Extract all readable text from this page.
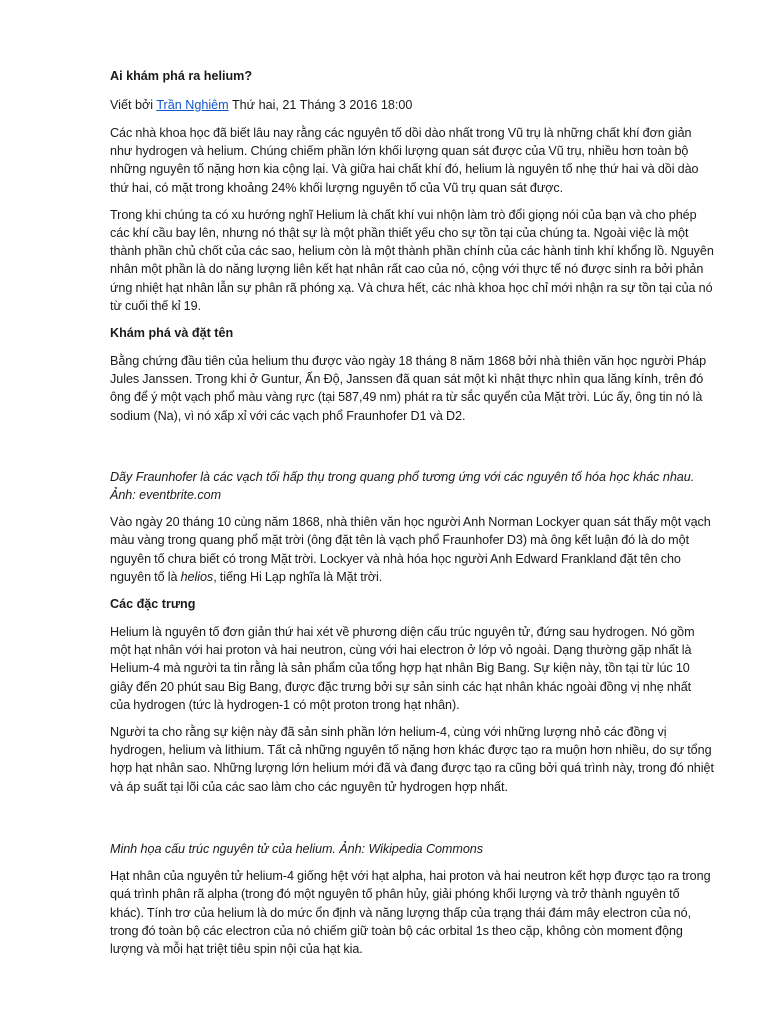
Ai khám phá ra helium?
Viết bởi Trần Nghiêm Thứ hai, 21 Tháng 3 2016 18:00

Các nhà khoa học đã biết lâu nay rằng các nguyên tố dồi dào nhất trong Vũ trụ là những chất khí đơn giản như hydrogen và helium. Chúng chiếm phần lớn khối lượng quan sát được của Vũ trụ, nhiều hơn toàn bộ những nguyên tố nặng hơn kia cộng lại. Và giữa hai chất khí đó, helium là nguyên tố nhẹ thứ hai và dồi dào thứ hai, có mặt trong khoảng 24% khối lượng nguyên tố của Vũ trụ quan sát được.

Trong khi chúng ta có xu hướng nghĩ Helium là chất khí vui nhộn làm trò đổi giọng nói của bạn và cho phép các khí cầu bay lên, nhưng nó thật sự là một phần thiết yếu cho sự tồn tại của chúng ta. Ngoài việc là một thành phần chủ chốt của các sao, helium còn là một thành phần chính của các hành tinh khí khổng lồ. Nguyên nhân một phần là do năng lượng liên kết hạt nhân rất cao của nó, cộng với thực tế nó được sinh ra bởi phản ứng nhiệt hạt nhân lẫn sự phân rã phóng xạ. Và chưa hết, các nhà khoa học chỉ mới nhận ra sự tồn tại của nó từ cuối thế kỉ 19.

Khám phá và đặt tên

Bằng chứng đầu tiên của helium thu được vào ngày 18 tháng 8 năm 1868 bởi nhà thiên văn học người Pháp Jules Janssen. Trong khi ở Guntur, Ấn Độ, Janssen đã quan sát một kì nhật thực nhìn qua lăng kính, trên đó ông để ý một vạch phổ màu vàng rực (tại 587,49 nm) phát ra từ sắc quyển của Mặt trời. Lúc ấy, ông tin nó là sodium (Na), vì nó xấp xỉ với các vạch phổ Fraunhofer D1 và D2.

Dãy Fraunhofer là các vạch tối hấp thụ trong quang phổ tương ứng với các nguyên tố hóa học khác nhau. Ảnh: eventbrite.com

Vào ngày 20 tháng 10 cùng năm 1868, nhà thiên văn học người Anh Norman Lockyer quan sát thấy một vạch màu vàng trong quang phổ mặt trời (ông đặt tên là vạch phổ Fraunhofer D3) mà ông kết luận đó là do một nguyên tố chưa biết có trong Mặt trời. Lockyer và nhà hóa học người Anh Edward Frankland đặt tên cho nguyên tố là helios, tiếng Hi Lạp nghĩa là Mặt trời.

Các đặc trưng

Helium là nguyên tố đơn giản thứ hai xét về phương diện cấu trúc nguyên tử, đứng sau hydrogen. Nó gồm một hạt nhân với hai proton và hai neutron, cùng với hai electron ở lớp vỏ ngoài. Dạng thường gặp nhất là Helium-4 mà người ta tin rằng là sản phẩm của tổng hợp hạt nhân Big Bang. Sự kiện này, tồn tại từ lúc 10 giây đến 20 phút sau Big Bang, được đặc trưng bởi sự sản sinh các hạt nhân khác ngoài đồng vị nhẹ nhất của hydrogen (tức là hydrogen-1 có một proton trong hạt nhân).

Người ta cho rằng sự kiện này đã sản sinh phần lớn helium-4, cùng với những lượng nhỏ các đồng vị hydrogen, helium và lithium. Tất cả những nguyên tố nặng hơn khác được tạo ra muộn hơn nhiều, do sự tổng hợp hạt nhân sao. Những lượng lớn helium mới đã và đang được tạo ra cũng bởi quá trình này, trong đó nhiệt và áp suất tại lõi của các sao làm cho các nguyên tử hydrogen hợp nhất.

Minh họa cấu trúc nguyên tử của helium. Ảnh: Wikipedia Commons

Hạt nhân của nguyên tử helium-4 giống hệt với hạt alpha, hai proton và hai neutron kết hợp được tạo ra trong quá trình phân rã alpha (trong đó một nguyên tố phân hủy, giải phóng khối lượng và trở thành nguyên tố khác). Tính trơ của helium là do mức ổn định và năng lượng thấp của trạng thái đám mây electron của nó, trong đó toàn bộ các electron của nó chiếm giữ toàn bộ các orbital 1s theo cặp, không còn moment động lượng và mỗi hạt triệt tiêu spin nội của hạt kia.
